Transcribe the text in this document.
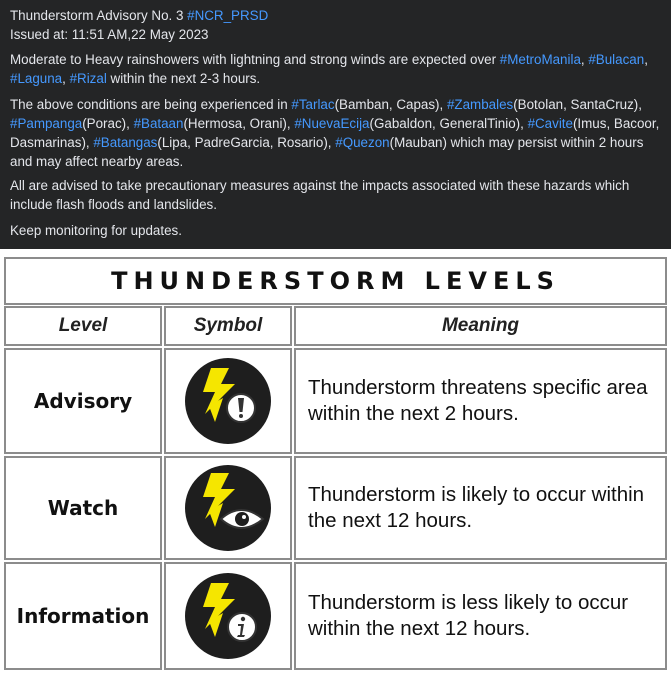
Thunderstorm Advisory No. 3 #NCR_PRSD

Issued at: 11:51 AM,22 May 2023

Moderate to Heavy rainshowers with lightning and strong winds are expected over #MetroManila, #Bulacan, #Laguna, #Rizal within the next 2-3 hours.

The above conditions are being experienced in #Tarlac(Bamban, Capas), #Zambales(Botolan, SantaCruz), #Pampanga(Porac), #Bataan(Hermosa, Orani), #NuevaEcija(Gabaldon, GeneralTinio), #Cavite(Imus, Bacoor, Dasmarinas), #Batangas(Lipa, PadreGarcia, Rosario), #Quezon(Mauban) which may persist within 2 hours and may affect nearby areas.

All are advised to take precautionary measures against the impacts associated with these hazards which include flash floods and landslides.

Keep monitoring for updates.

THUNDERSTORM LEVELS
Level	Symbol	Meaning
Advisory
Thunderstorm threatens specific area within the next 2 hours.
Watch
Thunderstorm is likely to occur within the next 12 hours.
Information
Thunderstorm is less likely to occur within the next 12 hours.
